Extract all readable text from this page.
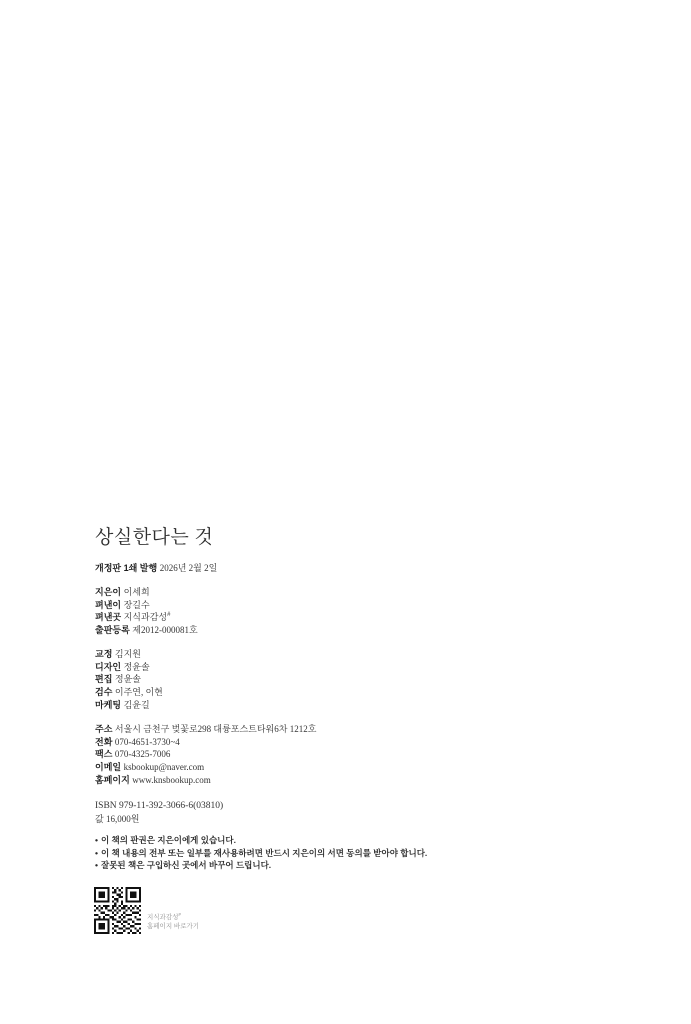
상실한다는 것
개정판 1쇄 발행 2026년 2월 2일
지은이 이세희
펴낸이 장길수
펴낸곳 지식과감성#
출판등록 제2012-000081호
교정 김지원
디자인 정윤솔
편집 정윤솔
검수 이주연, 이현
마케팅 김윤길
주소 서울시 금천구 벚꽃로298 대륭포스트타워6차 1212호
전화 070-4651-3730~4
팩스 070-4325-7006
이메일 ksbookup@naver.com
홈페이지 www.knsbookup.com
ISBN 979-11-392-3066-6(03810)
값 16,000원
• 이 책의 판권은 지은이에게 있습니다.
• 이 책 내용의 전부 또는 일부를 재사용하려면 반드시 지은이의 서면 동의를 받아야 합니다.
• 잘못된 책은 구입하신 곳에서 바꾸어 드립니다.
지식과감성#
홈페이지 바로가기
